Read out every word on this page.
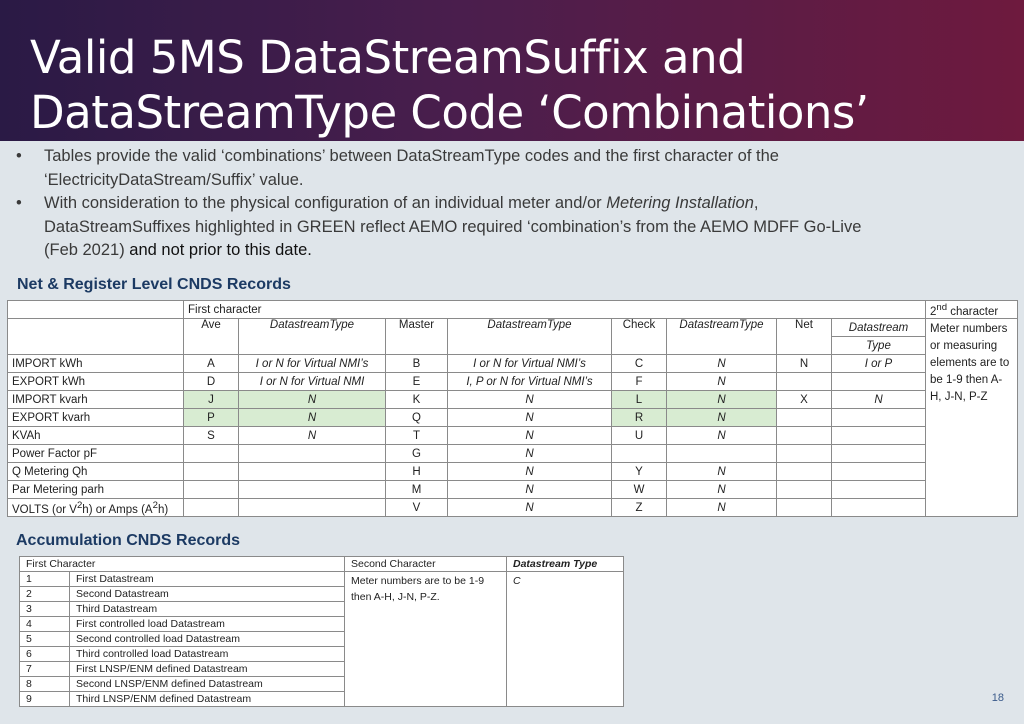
Valid 5MS DataStreamSuffix and
DataStreamType Code ‘Combinations’
• Tables provide the valid ‘combinations’ between DataStreamType codes and the first character of the
‘ElectricityDataStream/Suffix’ value.
• With consideration to the physical configuration of an individual meter and/or Metering Installation,
DataStreamSuffixes highlighted in GREEN reflect AEMO required ‘combination’s from the AEMO MDFF Go-Live
(Feb 2021) and not prior to this date.
Net & Register Level CNDS Records
	First character								2nd character
	Ave	DatastreamType	Master	DatastreamType	Check	DatastreamType	Net	Datastream	Meter numbers or measuring elements are to be 1-9 then A-H, J-N, P-Z
								Type	
IMPORT kWh	A	I or N for Virtual NMI’s	B	I or N for Virtual NMI’s	C	N	N	I or P	
EXPORT kWh	D	I or N for Virtual NMI	E	I, P or N for Virtual NMI’s	F	N			
IMPORT kvarh	J	N	K	N	L	N	X	N	
EXPORT kvarh	P	N	Q	N	R	N			
KVAh	S	N	T	N	U	N			
Power Factor pF			G	N					
Q Metering Qh			H	N	Y	N			
Par Metering parh			M	N	W	N			
VOLTS (or $V^2h$) or Amps $(A^2h)$			V	N	Z	N			
Accumulation CNDS Records
First Character		Second Character	Datastream Type
1	First Datastream	Meter numbers are to be 1-9 then A-H, J-N, P-Z.	C
2	Second Datastream		
3	Third Datastream		
4	First controlled load Datastream		
5	Second controlled load Datastream		
6	Third controlled load Datastream		
7	First LNSP/ENM defined Datastream		
8	Second LNSP/ENM defined Datastream		
9	Third LNSP/ENM defined Datastream			18
